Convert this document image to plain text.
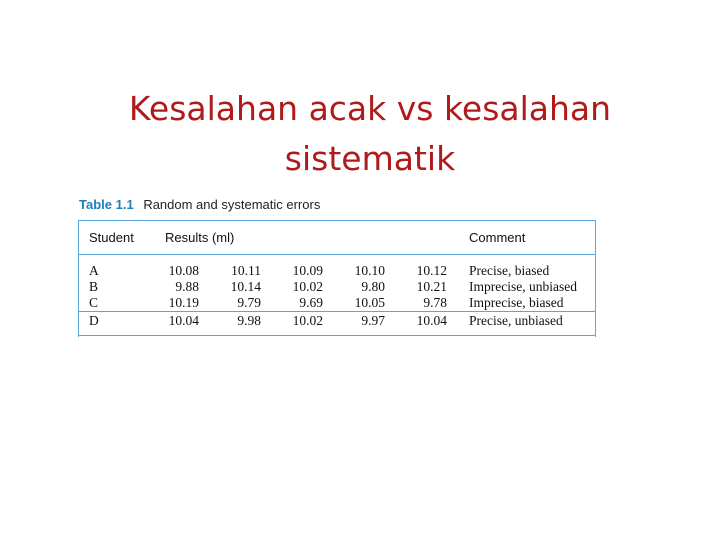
Kesalahan acak vs kesalahan
sistematik
Table 1.1 Random and systematic errors
Student Results (ml)	Comment
A	10.08	10.11	10.09	10.10	10.12 Precise, biased
B	9.88	10.14	10.02	9.80	10.21 Imprecise, unbiased
C	10.19	9.79	9.69	10.05	9.78 Imprecise, biased
D	10.04	9.98	10.02	9.97	10.04 Precise, unbiased
